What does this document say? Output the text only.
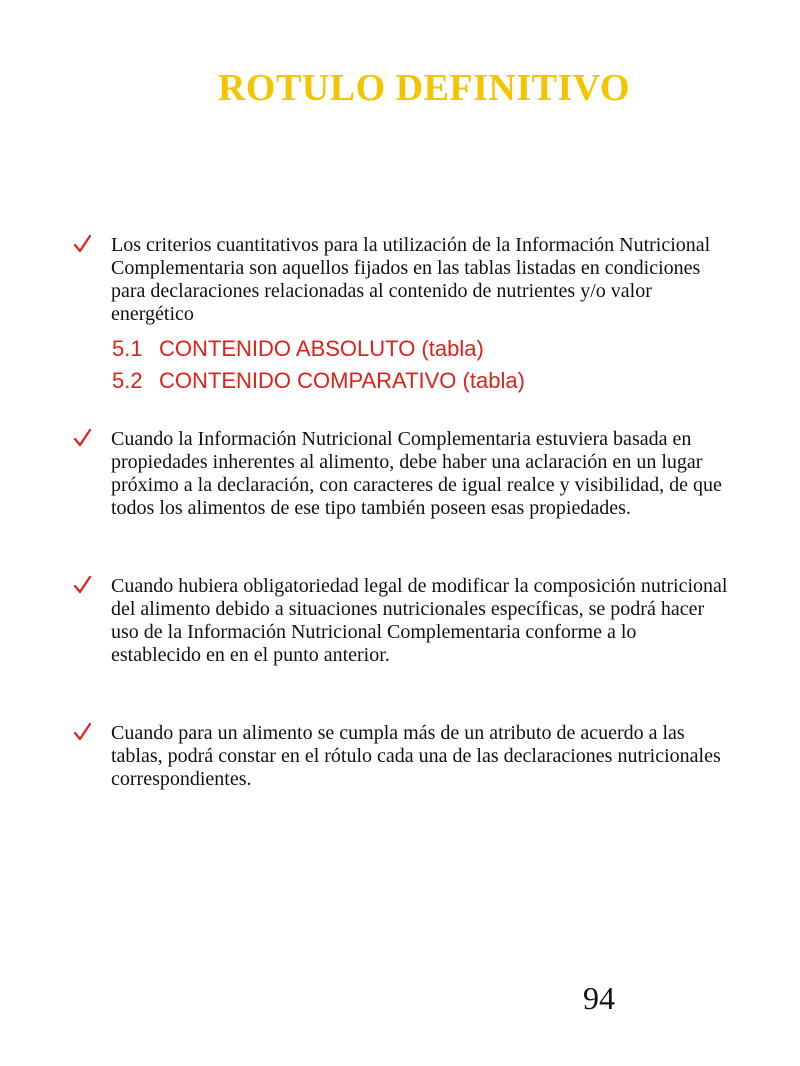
ROTULO DEFINITIVO

Los criterios cuantitativos para la utilización de la Información Nutricional Complementaria son aquellos fijados en las tablas listadas en condiciones para declaraciones relacionadas al contenido de nutrientes y/o valor energético

5.1 CONTENIDO ABSOLUTO (tabla)
5.2 CONTENIDO COMPARATIVO (tabla)

Cuando la Información Nutricional Complementaria estuviera basada en propiedades inherentes al alimento, debe haber una aclaración en un lugar próximo a la declaración, con caracteres de igual realce y visibilidad, de que todos los alimentos de ese tipo también poseen esas propiedades.

Cuando hubiera obligatoriedad legal de modificar la composición nutricional del alimento debido a situaciones nutricionales específicas, se podrá hacer uso de la Información Nutricional Complementaria conforme a lo establecido en en el punto anterior.

Cuando para un alimento se cumpla más de un atributo de acuerdo a las tablas, podrá constar en el rótulo cada una de las declaraciones nutricionales correspondientes.

94
